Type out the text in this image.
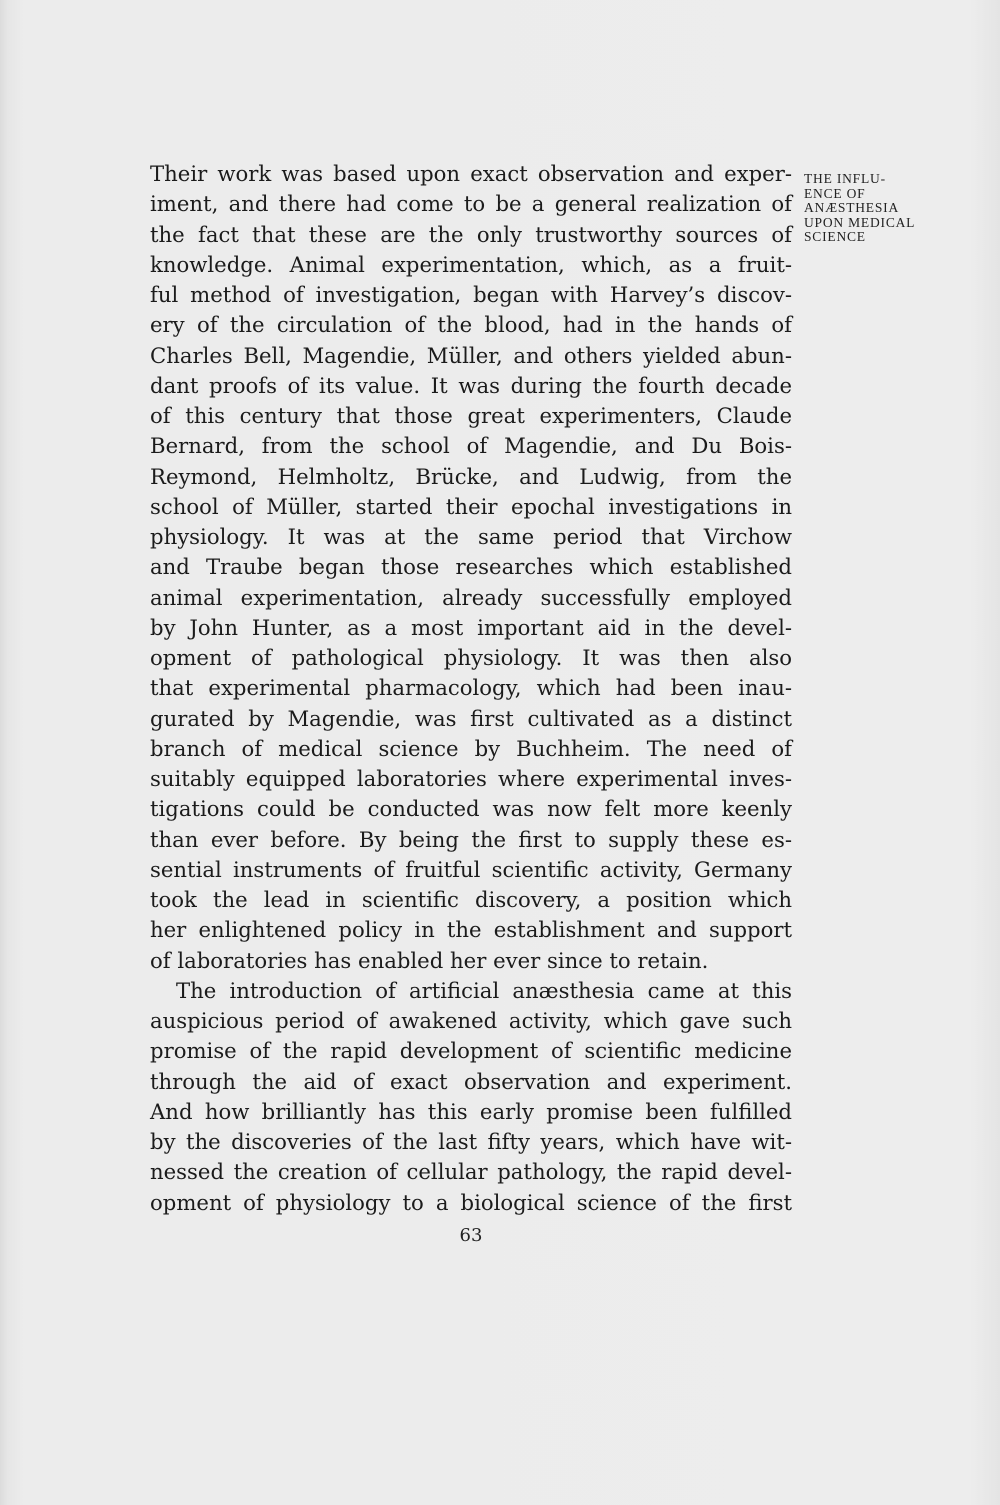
THE INFLU-
ENCE OF
ANÆSTHESIA
UPON MEDICAL
SCIENCE
Their work was based upon exact observation and exper-
iment, and there had come to be a general realization of
the fact that these are the only trustworthy sources of
knowledge. Animal experimentation, which, as a fruit-
ful method of investigation, began with Harvey’s discov-
ery of the circulation of the blood, had in the hands of
Charles Bell, Magendie, Müller, and others yielded abun-
dant proofs of its value. It was during the fourth decade
of this century that those great experimenters, Claude
Bernard, from the school of Magendie, and Du Bois-
Reymond, Helmholtz, Brücke, and Ludwig, from the
school of Müller, started their epochal investigations in
physiology. It was at the same period that Virchow
and Traube began those researches which established
animal experimentation, already successfully employed
by John Hunter, as a most important aid in the devel-
opment of pathological physiology. It was then also
that experimental pharmacology, which had been inau-
gurated by Magendie, was first cultivated as a distinct
branch of medical science by Buchheim. The need of
suitably equipped laboratories where experimental inves-
tigations could be conducted was now felt more keenly
than ever before. By being the first to supply these es-
sential instruments of fruitful scientific activity, Germany
took the lead in scientific discovery, a position which
her enlightened policy in the establishment and support
of laboratories has enabled her ever since to retain.
The introduction of artificial anæsthesia came at this
auspicious period of awakened activity, which gave such
promise of the rapid development of scientific medicine
through the aid of exact observation and experiment.
And how brilliantly has this early promise been fulfilled
by the discoveries of the last fifty years, which have wit-
nessed the creation of cellular pathology, the rapid devel-
opment of physiology to a biological science of the first
63
